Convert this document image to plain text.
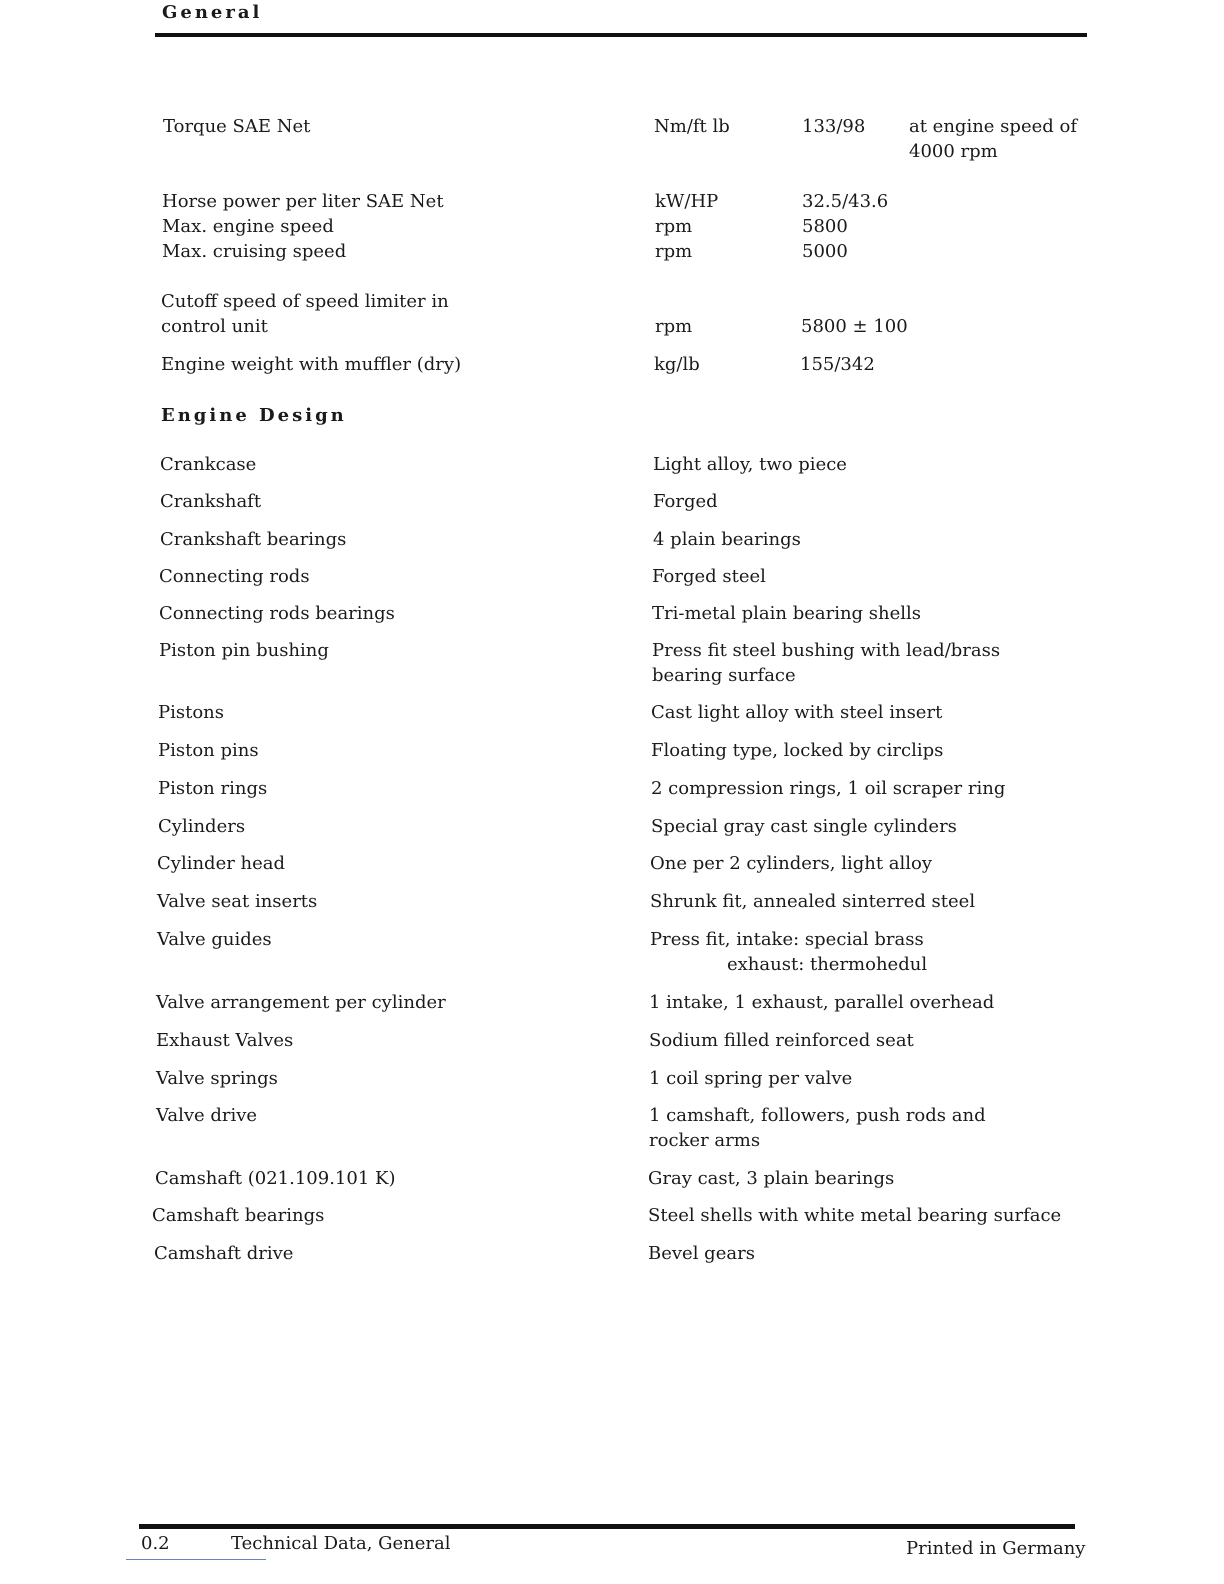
General
Torque SAE Net	Nm/ft lb	133/98 at engine speed of
4000 rpm
Horse power per liter SAE Net	kW/HP	32.5/43.6
Max. engine speed	rpm	5800
Max. cruising speed	rpm	5000
Cutoff speed of speed limiter in
control unit	rpm	5800 ± 100
Engine weight with muffler (dry)	kg/lb	155/342
Engine Design
Crankcase	Light alloy, two piece
Crankshaft	Forged
Crankshaft bearings	4 plain bearings
Connecting rods	Forged steel
Connecting rods bearings	Tri-metal plain bearing shells
Piston pin bushing	Press fit steel bushing with lead/brass
bearing surface
Pistons	Cast light alloy with steel insert
Piston pins	Floating type, locked by circlips
Piston rings	2 compression rings, 1 oil scraper ring
Cylinders	Special gray cast single cylinders
Cylinder head	One per 2 cylinders, light alloy
Valve seat inserts	Shrunk fit, annealed sinterred steel
Valve guides	Press fit, intake: special brass
exhaust: thermohedul
Valve arrangement per cylinder	1 intake, 1 exhaust, parallel overhead
Exhaust Valves	Sodium filled reinforced seat
Valve springs	1 coil spring per valve
Valve drive	1 camshaft, followers, push rods and
rocker arms
Camshaft (021.109.101 K)	Gray cast, 3 plain bearings
Camshaft bearings	Steel shells with white metal bearing surface
Camshaft drive	Bevel gears
0.2	Technical Data, General	Printed in Germany
